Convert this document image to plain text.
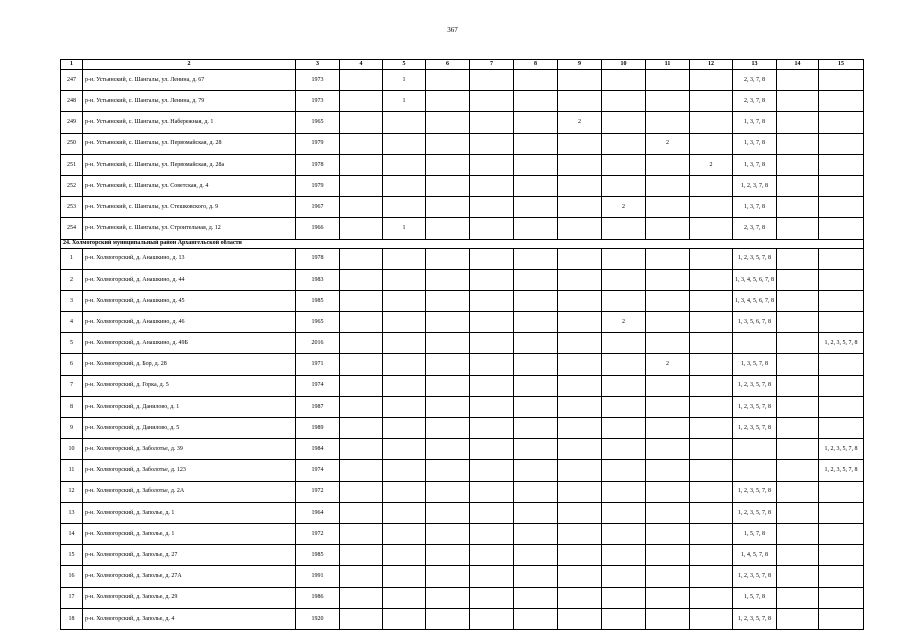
367
1	2	3	4	5	6	7	8	9	10	11	12	13	14	15
247	р-н. Устьянский, с. Шангалы, ул. Ленина, д. 67	1973		1								2, 3, 7, 8		
248	р-н. Устьянский, с. Шангалы, ул. Ленина, д. 79	1973		1								2, 3, 7, 8		
249	р-н. Устьянский, с. Шангалы, ул. Набережная, д. 1	1965						2				1, 3, 7, 8		
250	р-н. Устьянский, с. Шангалы, ул. Первомайская, д. 28	1979								2		1, 3, 7, 8		
251	р-н. Устьянский, с. Шангалы, ул. Первомайская, д. 28а	1978									2	1, 3, 7, 8		
252	р-н. Устьянский, с. Шангалы, ул. Советская, д. 4	1979										1, 2, 3, 7, 8		
253	р-н. Устьянский, с. Шангалы, ул. Стешковского, д. 9	1967							2			1, 3, 7, 8		
254	р-н. Устьянский, с. Шангалы, ул. Строительная, д. 12	1966		1								2, 3, 7, 8		
24. Холмогорский муниципальный район Архангельской области														
1	р-н. Холмогорский, д. Анашкино, д. 13	1978										1, 2, 3, 5, 7, 8		
2	р-н. Холмогорский, д. Анашкино, д. 44	1983										1, 3, 4, 5, 6, 7, 8		
3	р-н. Холмогорский, д. Анашкино, д. 45	1985										1, 3, 4, 5, 6, 7, 8		
4	р-н. Холмогорский, д. Анашкино, д. 46	1965							2			1, 3, 5, 6, 7, 8		
5	р-н. Холмогорский, д. Анашкино, д. 49Б	2016												1, 2, 3, 5, 7, 8
6	р-н. Холмогорский, д. Бор, д. 28	1971								2		1, 3, 5, 7, 8		
7	р-н. Холмогорский, д. Горка, д. 5	1974										1, 2, 3, 5, 7, 8		
8	р-н. Холмогорский, д. Данилово, д. 1	1987										1, 2, 3, 5, 7, 8		
9	р-н. Холмогорский, д. Данилово, д. 5	1989										1, 2, 3, 5, 7, 8		
10	р-н. Холмогорский, д. Заболотье, д. 39	1984												1, 2, 3, 5, 7, 8
11	р-н. Холмогорский, д. Заболотье, д. 123	1974												1, 2, 3, 5, 7, 8
12	р-н. Холмогорский, д. Заболотье, д. 2А	1972										1, 2, 3, 5, 7, 8		
13	р-н. Холмогорский, д. Заполье, д. 1	1964										1, 2, 3, 5, 7, 8		
14	р-н. Холмогорский, д. Заполье, д. 1	1972										1, 5, 7, 8		
15	р-н. Холмогорский, д. Заполье, д. 27	1985										1, 4, 5, 7, 8		
16	р-н. Холмогорский, д. Заполье, д. 27А	1991										1, 2, 3, 5, 7, 8		
17	р-н. Холмогорский, д. Заполье, д. 29	1986										1, 5, 7, 8		
18	р-н. Холмогорский, д. Заполье, д. 4	1920										1, 2, 3, 5, 7, 8		
